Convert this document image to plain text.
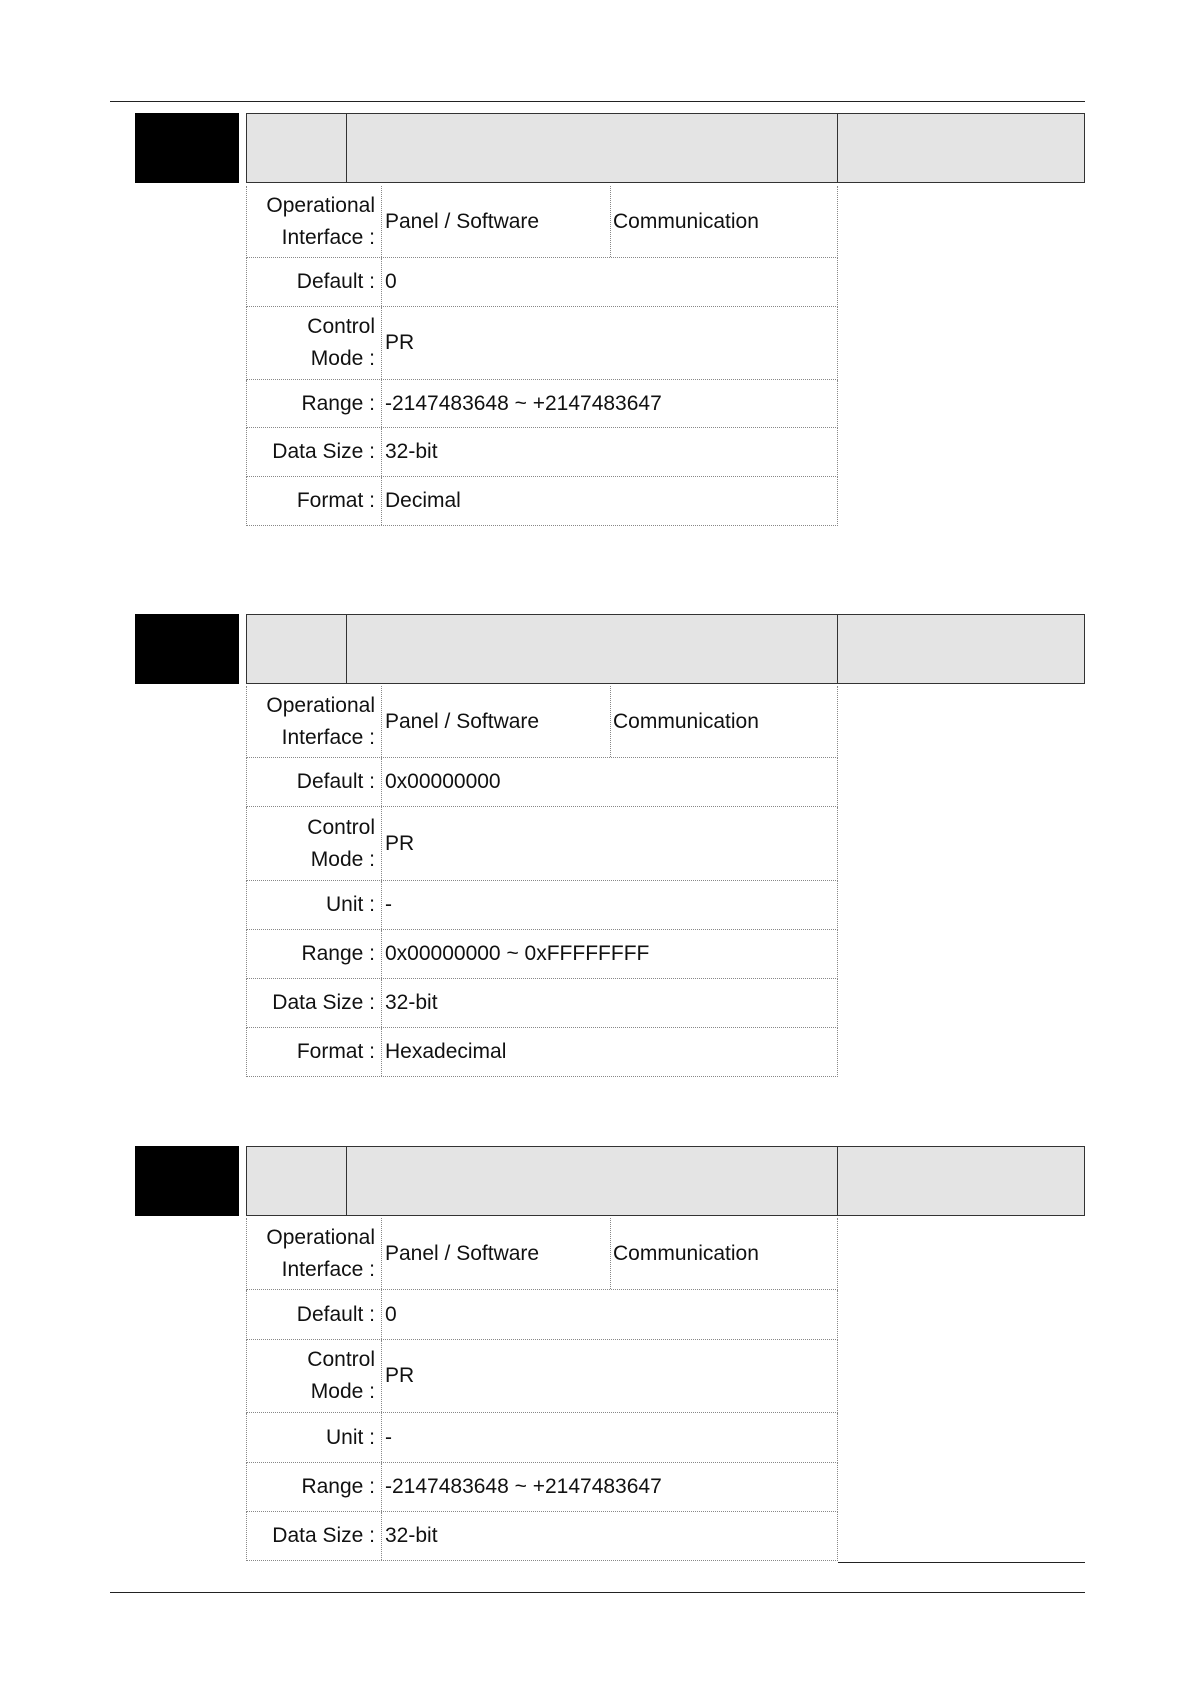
Operational
Interface :
Panel / Software	Communication
Default : 0
Control
Mode :
PR
Range : -2147483648 ~ +2147483647
Data Size : 32-bit
Format : Decimal
Operational
Interface :
Panel / Software	Communication
Default : 0x00000000
Control
Mode :
PR
Unit : -
Range : 0x00000000 ~ 0xFFFFFFFF
Data Size : 32-bit
Format : Hexadecimal
Operational
Interface :
Panel / Software	Communication
Default : 0
Control
Mode :
PR
Unit : -
Range : -2147483648 ~ +2147483647
Data Size : 32-bit
